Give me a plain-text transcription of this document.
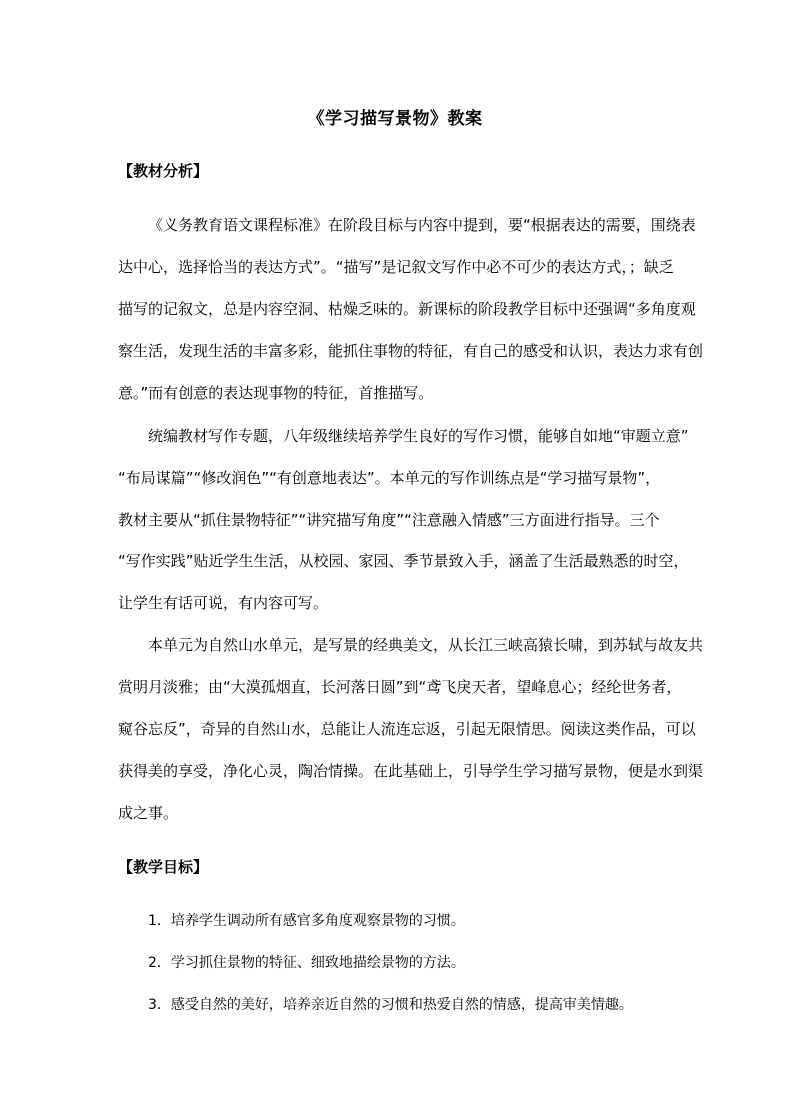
《学习描写景物》教案
【教材分析】
《义务教育语文课程标准》在阶段目标与内容中提到，要“根据表达的需要，围绕表
达中心，选择恰当的表达方式”。“描写”是记叙文写作中必不可少的表达方式，；缺乏
描写的记叙文，总是内容空洞、枯燥乏味的。新课标的阶段教学目标中还强调“多角度观
察生活，发现生活的丰富多彩，能抓住事物的特征，有自己的感受和认识，表达力求有创
意。”而有创意的表达现事物的特征，首推描写。
统编教材写作专题，八年级继续培养学生良好的写作习惯，能够自如地“审题立意”
“布局谋篇”“修改润色”“有创意地表达”。本单元的写作训练点是“学习描写景物”，
教材主要从“抓住景物特征”“讲究描写角度”“注意融入情感”三方面进行指导。三个
“写作实践”贴近学生生活，从校园、家园、季节景致入手，涵盖了生活最熟悉的时空，
让学生有话可说，有内容可写。
本单元为自然山水单元，是写景的经典美文，从长江三峡高猿长啸，到苏轼与故友共
赏明月淡雅；由“大漠孤烟直，长河落日圆”到“鸢飞戾天者，望峰息心；经纶世务者，
窥谷忘反”，奇异的自然山水，总能让人流连忘返，引起无限情思。阅读这类作品，可以
获得美的享受，净化心灵，陶冶情操。在此基础上，引导学生学习描写景物，便是水到渠
成之事。
【教学目标】
1．培养学生调动所有感官多角度观察景物的习惯。
2．学习抓住景物的特征、细致地描绘景物的方法。
3．感受自然的美好，培养亲近自然的习惯和热爱自然的情感，提高审美情趣。
